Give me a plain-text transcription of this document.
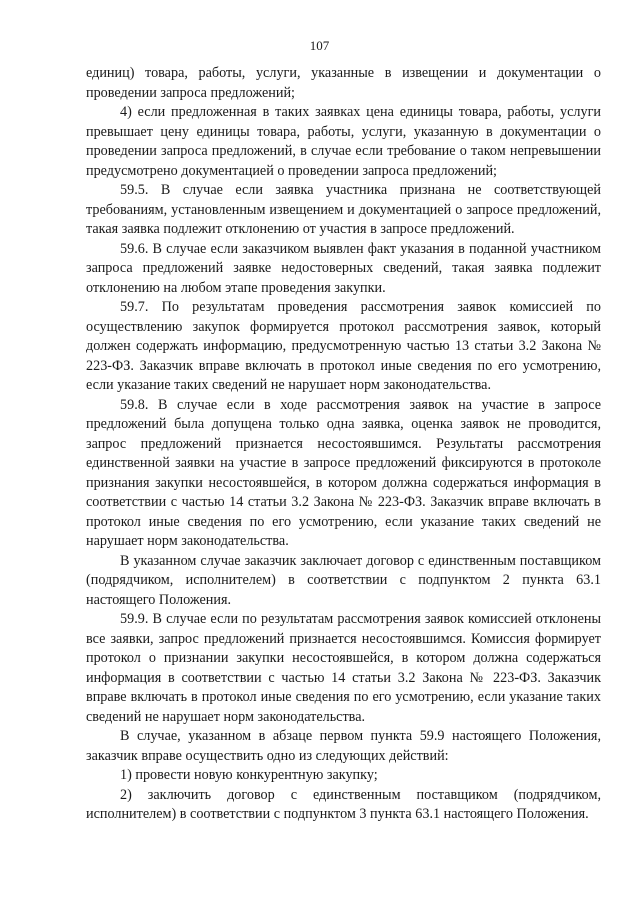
107

единиц) товара, работы, услуги, указанные в извещении и документации о проведении запроса предложений;

4) если предложенная в таких заявках цена единицы товара, работы, услуги превышает цену единицы товара, работы, услуги, указанную в документации о проведении запроса предложений, в случае если требование о таком непревышении предусмотрено документацией о проведении запроса предложений;

59.5. В случае если заявка участника признана не соответствующей требованиям, установленным извещением и документацией о запросе предложений, такая заявка подлежит отклонению от участия в запросе предложений.

59.6. В случае если заказчиком выявлен факт указания в поданной участником запроса предложений заявке недостоверных сведений, такая заявка подлежит отклонению на любом этапе проведения закупки.

59.7. По результатам проведения рассмотрения заявок комиссией по осуществлению закупок формируется протокол рассмотрения заявок, который должен содержать информацию, предусмотренную частью 13 статьи 3.2 Закона № 223-ФЗ. Заказчик вправе включать в протокол иные сведения по его усмотрению, если указание таких сведений не нарушает норм законодательства.

59.8. В случае если в ходе рассмотрения заявок на участие в запросе предложений была допущена только одна заявка, оценка заявок не проводится, запрос предложений признается несостоявшимся. Результаты рассмотрения единственной заявки на участие в запросе предложений фиксируются в протоколе признания закупки несостоявшейся, в котором должна содержаться информация в соответствии с частью 14 статьи 3.2 Закона № 223-ФЗ. Заказчик вправе включать в протокол иные сведения по его усмотрению, если указание таких сведений не нарушает норм законодательства.

В указанном случае заказчик заключает договор с единственным поставщиком (подрядчиком, исполнителем) в соответствии с подпунктом 2 пункта 63.1 настоящего Положения.

59.9. В случае если по результатам рассмотрения заявок комиссией отклонены все заявки, запрос предложений признается несостоявшимся. Комиссия формирует протокол о признании закупки несостоявшейся, в котором должна содержаться информация в соответствии с частью 14 статьи 3.2 Закона № 223-ФЗ. Заказчик вправе включать в протокол иные сведения по его усмотрению, если указание таких сведений не нарушает норм законодательства.

В случае, указанном в абзаце первом пункта 59.9 настоящего Положения, заказчик вправе осуществить одно из следующих действий:

1) провести новую конкурентную закупку;

2) заключить договор с единственным поставщиком (подрядчиком, исполнителем) в соответствии с подпунктом 3 пункта 63.1 настоящего Положения.
